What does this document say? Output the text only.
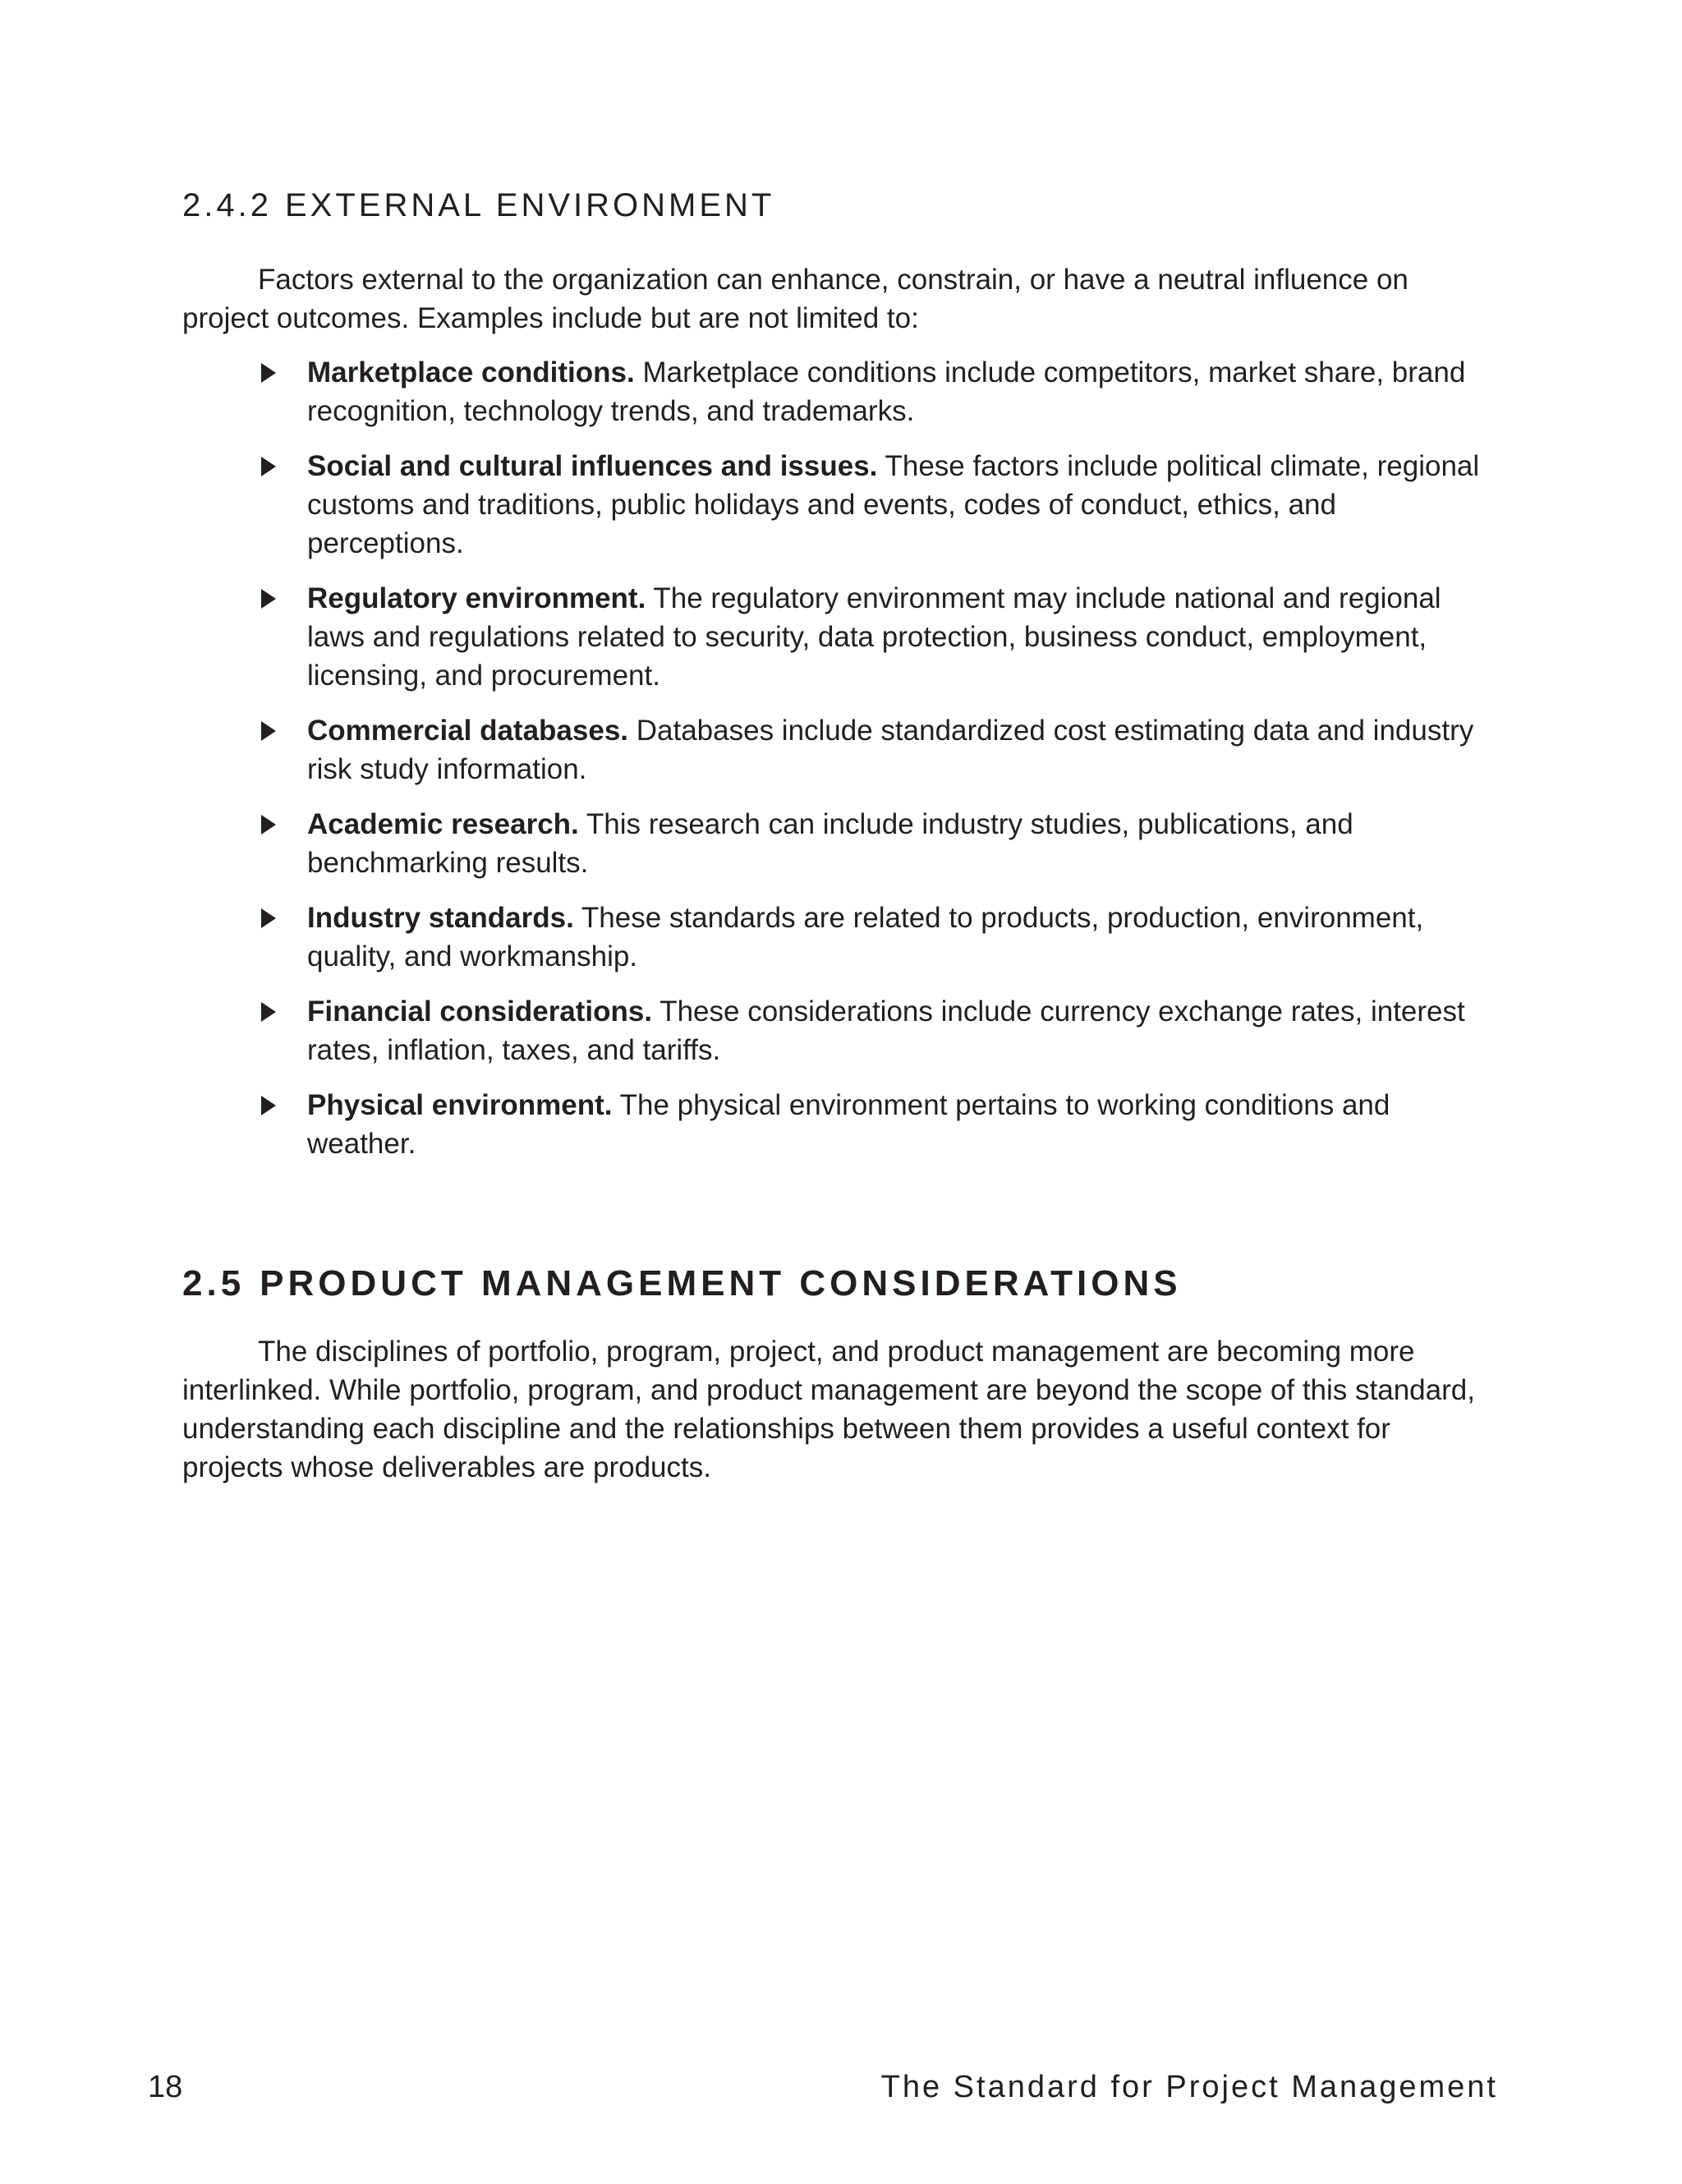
2.4.2 EXTERNAL ENVIRONMENT

Factors external to the organization can enhance, constrain, or have a neutral influence on project outcomes. Examples include but are not limited to:

Marketplace conditions. Marketplace conditions include competitors, market share, brand recognition, technology trends, and trademarks.
Social and cultural influences and issues. These factors include political climate, regional customs and traditions, public holidays and events, codes of conduct, ethics, and perceptions.
Regulatory environment. The regulatory environment may include national and regional laws and regulations related to security, data protection, business conduct, employment, licensing, and procurement.
Commercial databases. Databases include standardized cost estimating data and industry risk study information.
Academic research. This research can include industry studies, publications, and benchmarking results.
Industry standards. These standards are related to products, production, environment, quality, and workmanship.
Financial considerations. These considerations include currency exchange rates, interest rates, inflation, taxes, and tariffs.
Physical environment. The physical environment pertains to working conditions and weather.
2.5 PRODUCT MANAGEMENT CONSIDERATIONS

The disciplines of portfolio, program, project, and product management are becoming more interlinked. While portfolio, program, and product management are beyond the scope of this standard, understanding each discipline and the relationships between them provides a useful context for projects whose deliverables are products.

18	The Standard for Project Management
